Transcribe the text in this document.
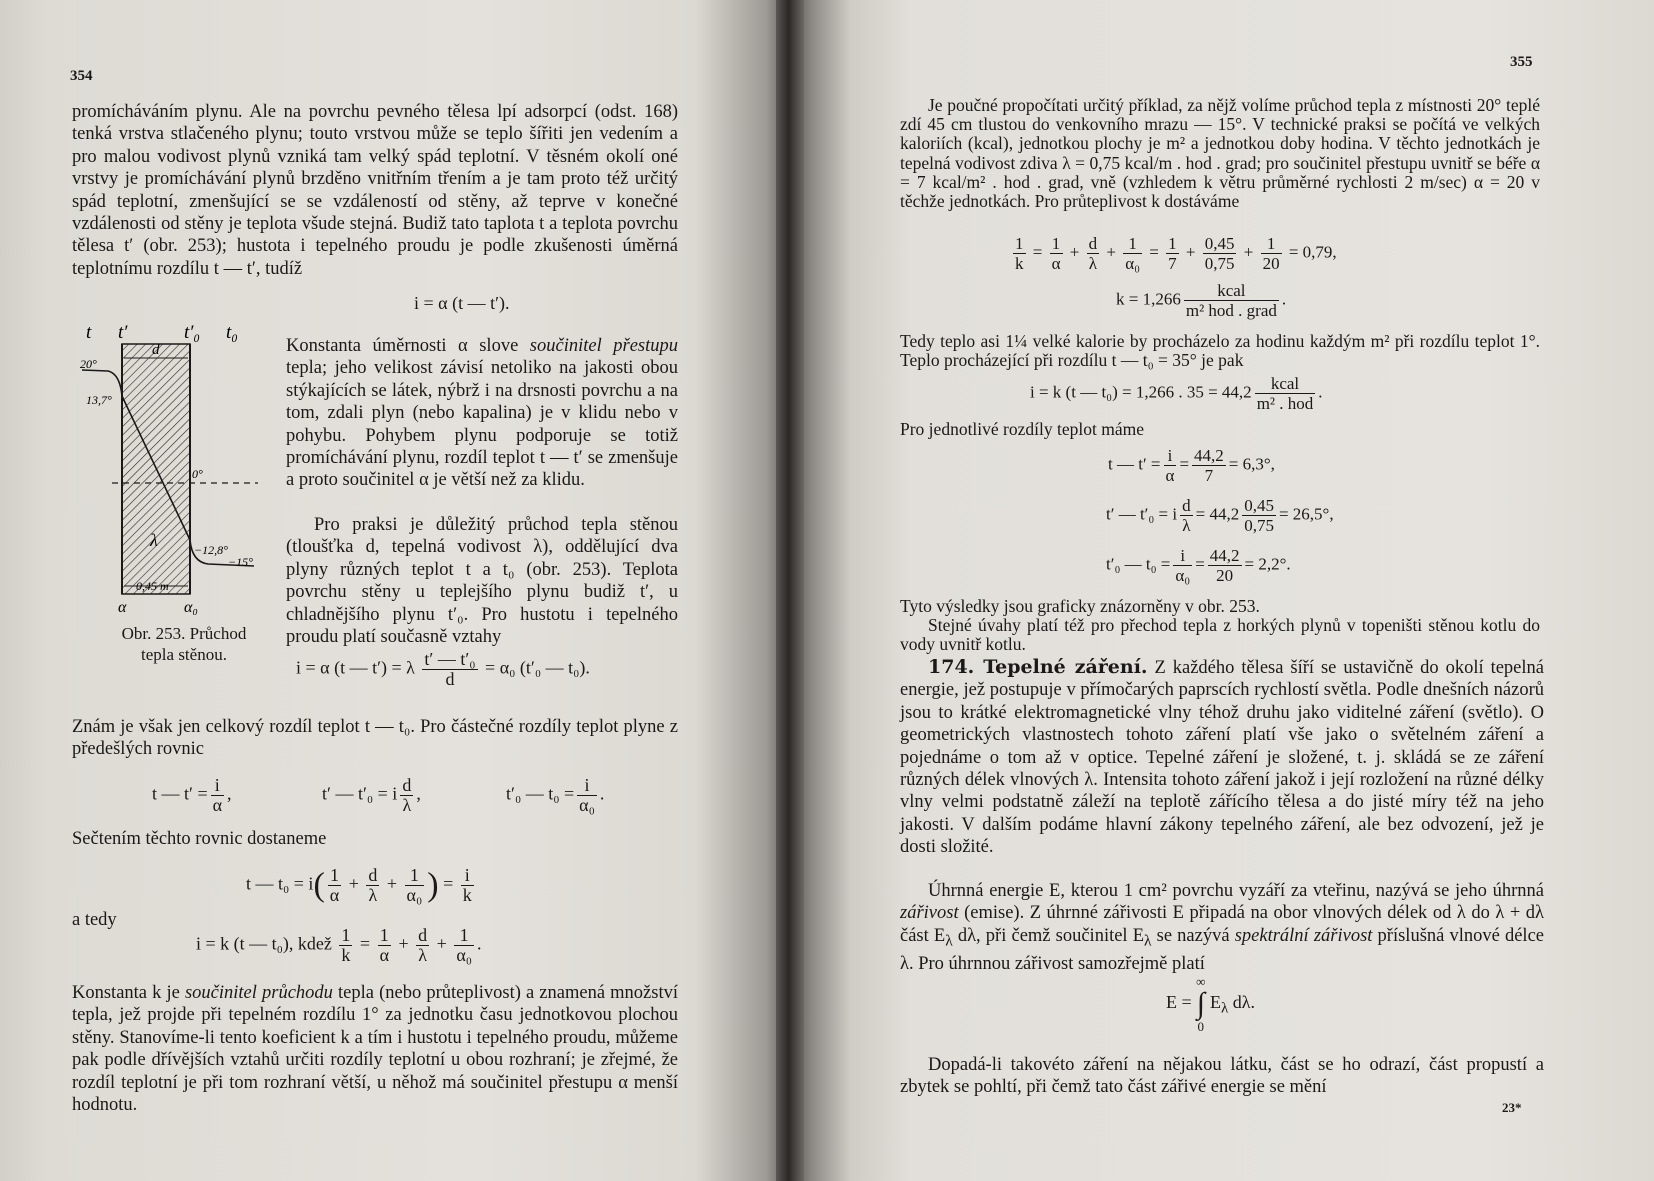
354
promícháváním plynu. Ale na povrchu pevného tělesa lpí adsorpcí (odst. 168) tenká vrstva stlačeného plynu; touto vrstvou může se teplo šířiti jen vedením a pro malou vodivost plynů vzniká tam velký spád teplotní. V těsném okolí oné vrstvy je promíchávání plynů brzděno vnitřním třením a je tam proto též určitý spád teplotní, zmenšující se se vzdáleností od stěny, až teprve v konečné vzdálenosti od stěny je teplota všude stejná. Budiž tato taplota t a teplota povrchu tělesa t′ (obr. 253); hustota i tepelného proudu je podle zkušenosti úměrná teplotnímu rozdílu t — t′, tudíž
i = α (t — t′).
t t′	t′₀ t₀
d
20°
13,7°
0°
−12,8°
−15°
λ
0,45 m
α	α₀
Obr. 253. Průchod
tepla stěnou.
Konstanta úměrnosti α slove součinitel přestupu tepla; jeho velikost závisí netoliko na jakosti obou stýkajících se látek, nýbrž i na drsnosti povrchu a na tom, zdali plyn (nebo kapalina) je v klidu nebo v pohybu. Pohybem plynu podporuje se totiž promíchávání plynu, rozdíl teplot t — t′ se zmenšuje a proto součinitel α je větší než za klidu.
Pro praksi je důležitý průchod tepla stěnou (tloušťka d, tepelná vodivost λ), oddělující dva plyny různých teplot t a t₀ (obr. 253). Teplota povrchu stěny u teplejšího plynu budiž t′, u chladnějšího plynu t′₀. Pro hustotu i tepelného proudu platí současně vztahy
i = α (t — t′) = λ $\frac{\text{t′ — t′₀}}{d} = \alpha_0$ (t′₀ — t₀).
Znám je však jen celkový rozdíl teplot t — t₀. Pro částečné rozdíly teplot plyne z předešlých rovnic
t — $t' = \frac{i}{\alpha}$ ,	t′ — t′₀ = i $\frac{d}{\lambda}$ ,	t′₀ — $t_0 = \frac{i}{\text{α₀}}$ .
Sečtením těchto rovnic dostaneme
t — $t_0 = i( \frac{1}{\alpha} + \frac{d}{\lambda} + \frac{1}{\text{α₀}}$ ) = $\frac{i}{k}$
a tedy
i = k (t — t₀), kdež $\frac{1}{k} = \frac{1}{\alpha} + \frac{d}{\lambda} + \frac{1}{\text{α₀}}$ .
Konstanta k je součinitel průchodu tepla (nebo průteplivost) a znamená množství tepla, jež projde při tepelném rozdílu 1° za jednotku času jednotkovou plochou stěny. Stanovíme-li tento koeficient k a tím i hustotu i tepelného proudu, můžeme pak podle dřívějších vztahů určiti rozdíly teplotní u obou rozhraní; je zřejmé, že rozdíl teplotní je při tom rozhraní větší, u něhož má součinitel přestupu α menší hodnotu.
355
Je poučné propočítati určitý příklad, za nějž volíme průchod tepla z místnosti 20° teplé zdí 45 cm tlustou do venkovního mrazu — 15°. V technické praksi se počítá ve velkých kaloriích (kcal), jednotkou plochy je m² a jednotkou doby hodina. V těchto jednotkách je tepelná vodivost zdiva λ = 0,75 kcal/m . hod . grad; pro součinitel přestupu uvnitř se béře α = 7 kcal/m² . hod . grad, vně (vzhledem k větru průměrné rychlosti 2 m/sec) α = 20 v těchže jednotkách. Pro průteplivost k dostáváme
$\frac{1}{k} = \frac{1}{\alpha} + \frac{d}{\lambda} + \frac{1}{\text{α₀}} = \frac{1}{7} + \frac{0,45}{0,75} + \frac{1}{20} = 0,79$,
$k = 1,266 \frac{\text{kcal}}{\text{m² hod . grad}}$ .
Tedy teplo asi 1¼ velké kalorie by procházelo za hodinu každým m² při rozdílu teplot 1°. Teplo procházející při rozdílu t — t₀ = 35° je pak
i = k (t — t₀) = 1,266 . $35 = 44,2 \frac{\text{kcal}}{\text{m² . hod}}$ .
Pro jednotlivé rozdíly teplot máme
t — $t' = \frac{i}{\alpha} = \frac{44,2}{7} = 6,3^\circ$,
t′ — t′₀ = i $\frac{d}{\lambda} = 44,2 \frac{0,45}{0,75} = 26,5^\circ$,
t′₀ — $t_0 = \frac{i}{\text{α₀}} = \frac{44,2}{20} = 2,2^\circ$.
Tyto výsledky jsou graficky znázorněny v obr. 253.
Stejné úvahy platí též pro přechod tepla z horkých plynů v topeništi stěnou kotlu do vody uvnitř kotlu.
174. Tepelné záření. Z každého tělesa šíří se ustavičně do okolí tepelná energie, jež postupuje v přímočarých paprscích rychlostí světla. Podle dnešních názorů jsou to krátké elektromagnetické vlny téhož druhu jako viditelné záření (světlo). O geometrických vlastnostech tohoto záření platí vše jako o světelném záření a pojednáme o tom až v optice. Tepelné záření je složené, t. j. skládá se ze záření různých délek vlnových λ. Intensita tohoto záření jakož i její rozložení na různé délky vlny velmi podstatně záleží na teplotě zářícího tělesa a do jisté míry též na jeho jakosti. V dalším podáme hlavní zákony tepelného záření, ale bez odvození, jež je dosti složité.
Úhrnná energie E, kterou 1 cm² povrchu vyzáří za vteřinu, nazývá se jeho úhrnná zářivost (emise). Z úhrnné zářivosti E připadá na obor vlnových délek od λ do λ + dλ část $E_\lambda$ dλ, při čemž součinitel $E_\lambda$ se nazývá spektrální zářivost příslušná vlnové délce λ. Pro úhrnnou zářivost samozřejmě platí
E =
∞
∫
0
$E_\lambda$ dλ.
Dopadá-li takovéto záření na nějakou látku, část se ho odrazí, část propustí a zbytek se pohltí, při čemž tato část zářivé energie se mění
23*
